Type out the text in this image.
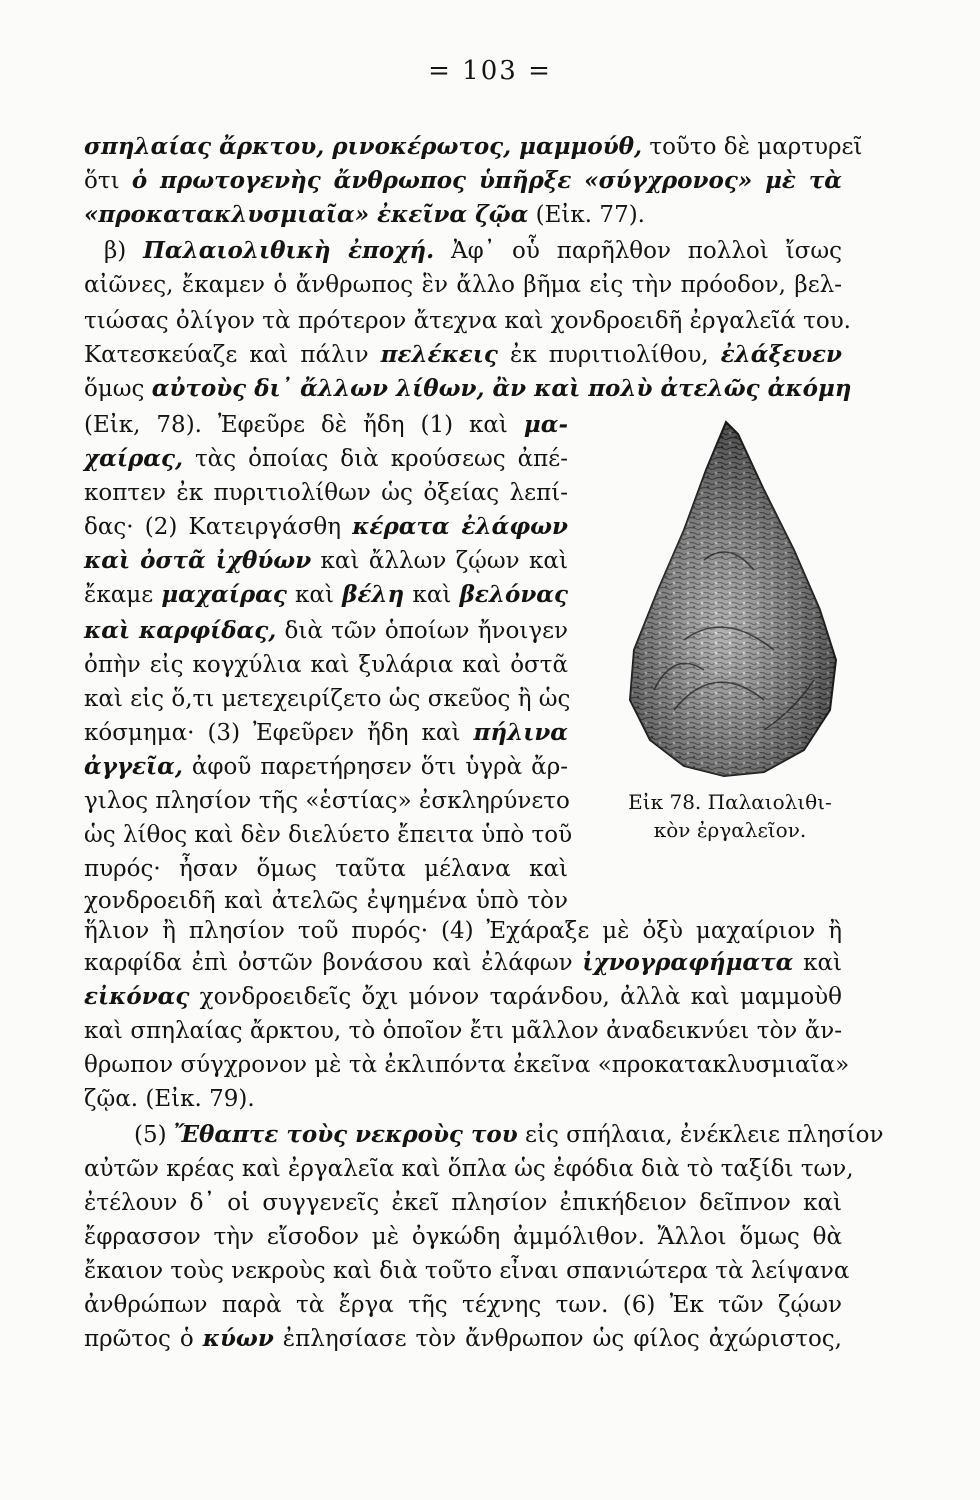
= 103 =
σπηλαίας ἄρκτου, ρινοκέρωτος, μαμμούθ, τοῦτο δὲ μαρτυρεῖ
ὅτι ὁ πρωτογενὴς ἄνθρωπος ὑπῆρξε «σύγχρονος» μὲ τὰ
«προκατακλυσμιαῖα» ἐκεῖνα ζῷα (Εἰκ. 77).
β) Παλαιολιθικὴ ἐποχή. Ἀφ᾽ οὗ παρῆλθον πολλοὶ ἴσως
αἰῶνες, ἔκαμεν ὁ ἄνθρωπος ἓν ἄλλο βῆμα εἰς τὴν πρόοδον, βελ-
τιώσας ὀλίγον τὰ πρότερον ἄτεχνα καὶ χονδροειδῆ ἐργαλεῖά του.
Κατεσκεύαζε καὶ πάλιν πελέκεις ἐκ πυριτιολίθου, ἐλάξευεν
ὅμως αὐτοὺς δι᾽ ἄλλων λίθων, ἂν καὶ πολὺ ἀτελῶς ἀκόμη
(Εἰκ, 78). Ἐφεῦρε δὲ ἤδη (1) καὶ μα-
χαίρας, τὰς ὁποίας διὰ κρούσεως ἀπέ-
κοπτεν ἐκ πυριτιολίθων ὡς ὀξείας λεπί-
δας· (2) Κατειργάσθη κέρατα ἐλάφων
καὶ ὀστᾶ ἰχθύων καὶ ἄλλων ζῴων καὶ
ἔκαμε μαχαίρας καὶ βέλη καὶ βελόνας
καὶ καρφίδας, διὰ τῶν ὁποίων ἤνοιγεν
ὀπὴν εἰς κογχύλια καὶ ξυλάρια καὶ ὀστᾶ
καὶ εἰς ὅ,τι μετεχειρίζετο ὡς σκεῦος ἢ ὡς
κόσμημα· (3) Ἐφεῦρεν ἤδη καὶ πήλινα
ἀγγεῖα, ἀφοῦ παρετήρησεν ὅτι ὑγρὰ ἄρ-
γιλος πλησίον τῆς «ἑστίας» ἐσκληρύνετο
ὡς λίθος καὶ δὲν διελύετο ἔπειτα ὑπὸ τοῦ
πυρός· ἦσαν ὅμως ταῦτα μέλανα καὶ
χονδροειδῆ καὶ ἀτελῶς ἐψημένα ὑπὸ τὸν
ἥλιον ἢ πλησίον τοῦ πυρός· (4) Ἐχάραξε μὲ ὀξὺ μαχαίριον ἢ
καρφίδα ἐπὶ ὀστῶν βονάσου καὶ ἐλάφων ἰχνογραφήματα καὶ
εἰκόνας χονδροειδεῖς ὄχι μόνον ταράνδου, ἀλλὰ καὶ μαμμοὺθ
καὶ σπηλαίας ἄρκτου, τὸ ὁποῖον ἔτι μᾶλλον ἀναδεικνύει τὸν ἄν-
θρωπον σύγχρονον μὲ τὰ ἐκλιπόντα ἐκεῖνα «προκατακλυσμιαῖα»
ζῷα. (Εἰκ. 79).
(5) Ἔθαπτε τοὺς νεκροὺς του εἰς σπήλαια, ἐνέκλειε πλησίον
αὐτῶν κρέας καὶ ἐργαλεῖα καὶ ὅπλα ὡς ἐφόδια διὰ τὸ ταξίδι των,
ἐτέλουν δ᾽ οἱ συγγενεῖς ἐκεῖ πλησίον ἐπικήδειον δεῖπνον καὶ
ἔφρασσον τὴν εἴσοδον μὲ ὀγκώδη ἀμμόλιθον. Ἄλλοι ὅμως θὰ
ἔκαιον τοὺς νεκροὺς καὶ διὰ τοῦτο εἶναι σπανιώτερα τὰ λείψανα
ἀνθρώπων παρὰ τὰ ἔργα τῆς τέχνης των. (6) Ἐκ τῶν ζῴων
πρῶτος ὁ κύων ἐπλησίασε τὸν ἄνθρωπον ὡς φίλος ἀχώριστος,
Εἰκ 78. Παλαιολιθι-
κὸν ἐργαλεῖον.
